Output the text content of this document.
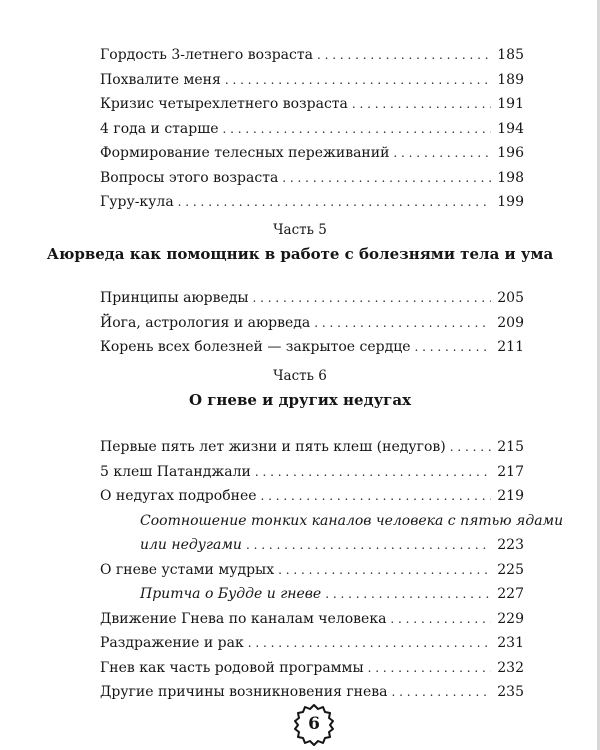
Гордость 3-летнего возраста . . .	185
Похвалите меня . . .	189
Кризис четырехлетнего возраста . . .	191
4 года и старше . . .	194
Формирование телесных переживаний . . .	196
Вопросы этого возраста . . .	198
Гуру-кула . . .	199
Часть 5
Аюрведа как помощник в работе с болезнями тела и ума
Принципы аюрведы . . .	205
Йога, астрология и аюрведа . . .	209
Корень всех болезней — закрытое сердце . . .	211
Часть 6
О гневе и других недугах
Первые пять лет жизни и пять клеш (недугов) . . .	215
5 клеш Патанджали . . .	217
О недугах подробнее . . .	219
Соотношение тонких каналов человека с пятью ядами
или недугами . . .	223
О гневе устами мудрых . . .	225
Притча о Будде и гневе . . .	227
Движение Гнева по каналам человека . . .	229
Раздражение и рак . . .	231
Гнев как часть родовой программы . . .	232
Другие причины возникновения гнева . . .	235
6
